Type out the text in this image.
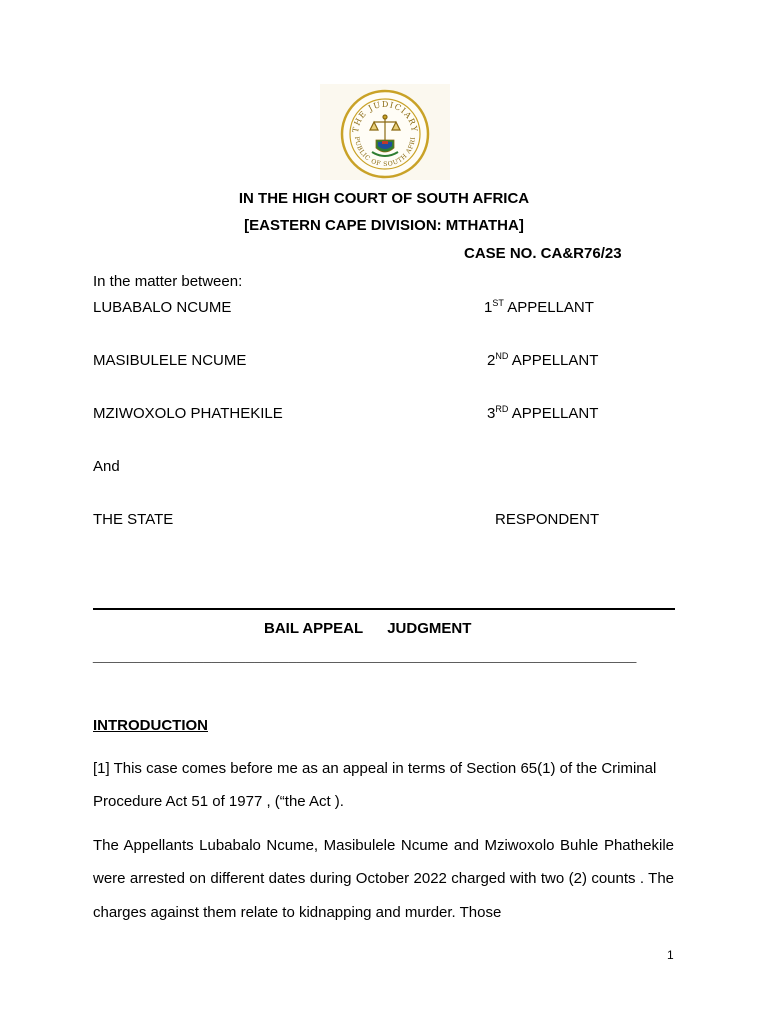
THE JUDICIARY
PUBLIC OF SOUTH AFRI
IN THE HIGH COURT OF SOUTH AFRICA
[EASTERN CAPE DIVISION: MTHATHA]
CASE NO. CA&R76/23
In the matter between:
LUBABALO NCUME	1ST APPELLANT
MASIBULELE NCUME	2ND APPELLANT
MZIWOXOLO PHATHEKILE	3RD APPELLANT
And
THE STATE	RESPONDENT
BAIL APPEAL JUDGMENT
________________________________________________________________
INTRODUCTION
[1] This case comes before me as an appeal in terms of Section 65(1) of the Criminal Procedure Act 51 of 1977 , (“the Act ).
The Appellants Lubabalo Ncume, Masibulele Ncume and Mziwoxolo Buhle Phathekile were arrested on different dates during October 2022 charged with two (2) counts . The charges against them relate to kidnapping and murder. Those
1
